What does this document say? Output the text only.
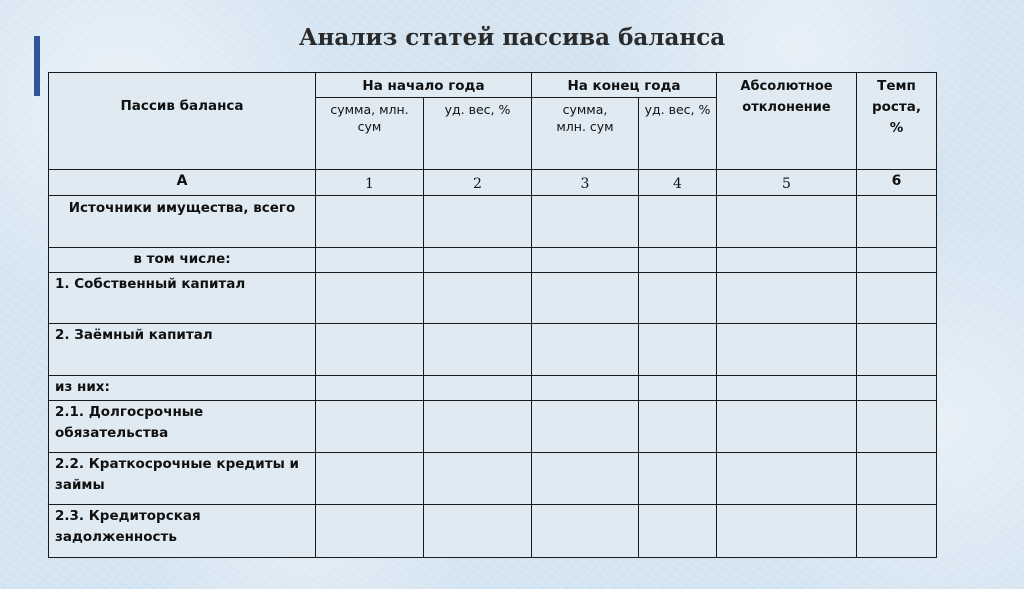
Анализ статей пассива баланса
Пассив баланса	На начало года		На конец года		Абсолютное отклонение	Темп роста, %
	сумма, млн. сум	уд. вес, %	сумма, млн. сум	уд. вес, %		
А	1	2	3	4	5	6
Источники имущества, всего						
в том числе:						
1. Собственный капитал						
2. Заёмный капитал						
из них:						
2.1. Долгосрочные обязательства						
2.2. Краткосрочные кредиты и займы						
2.3. Кредиторская задолженность						
